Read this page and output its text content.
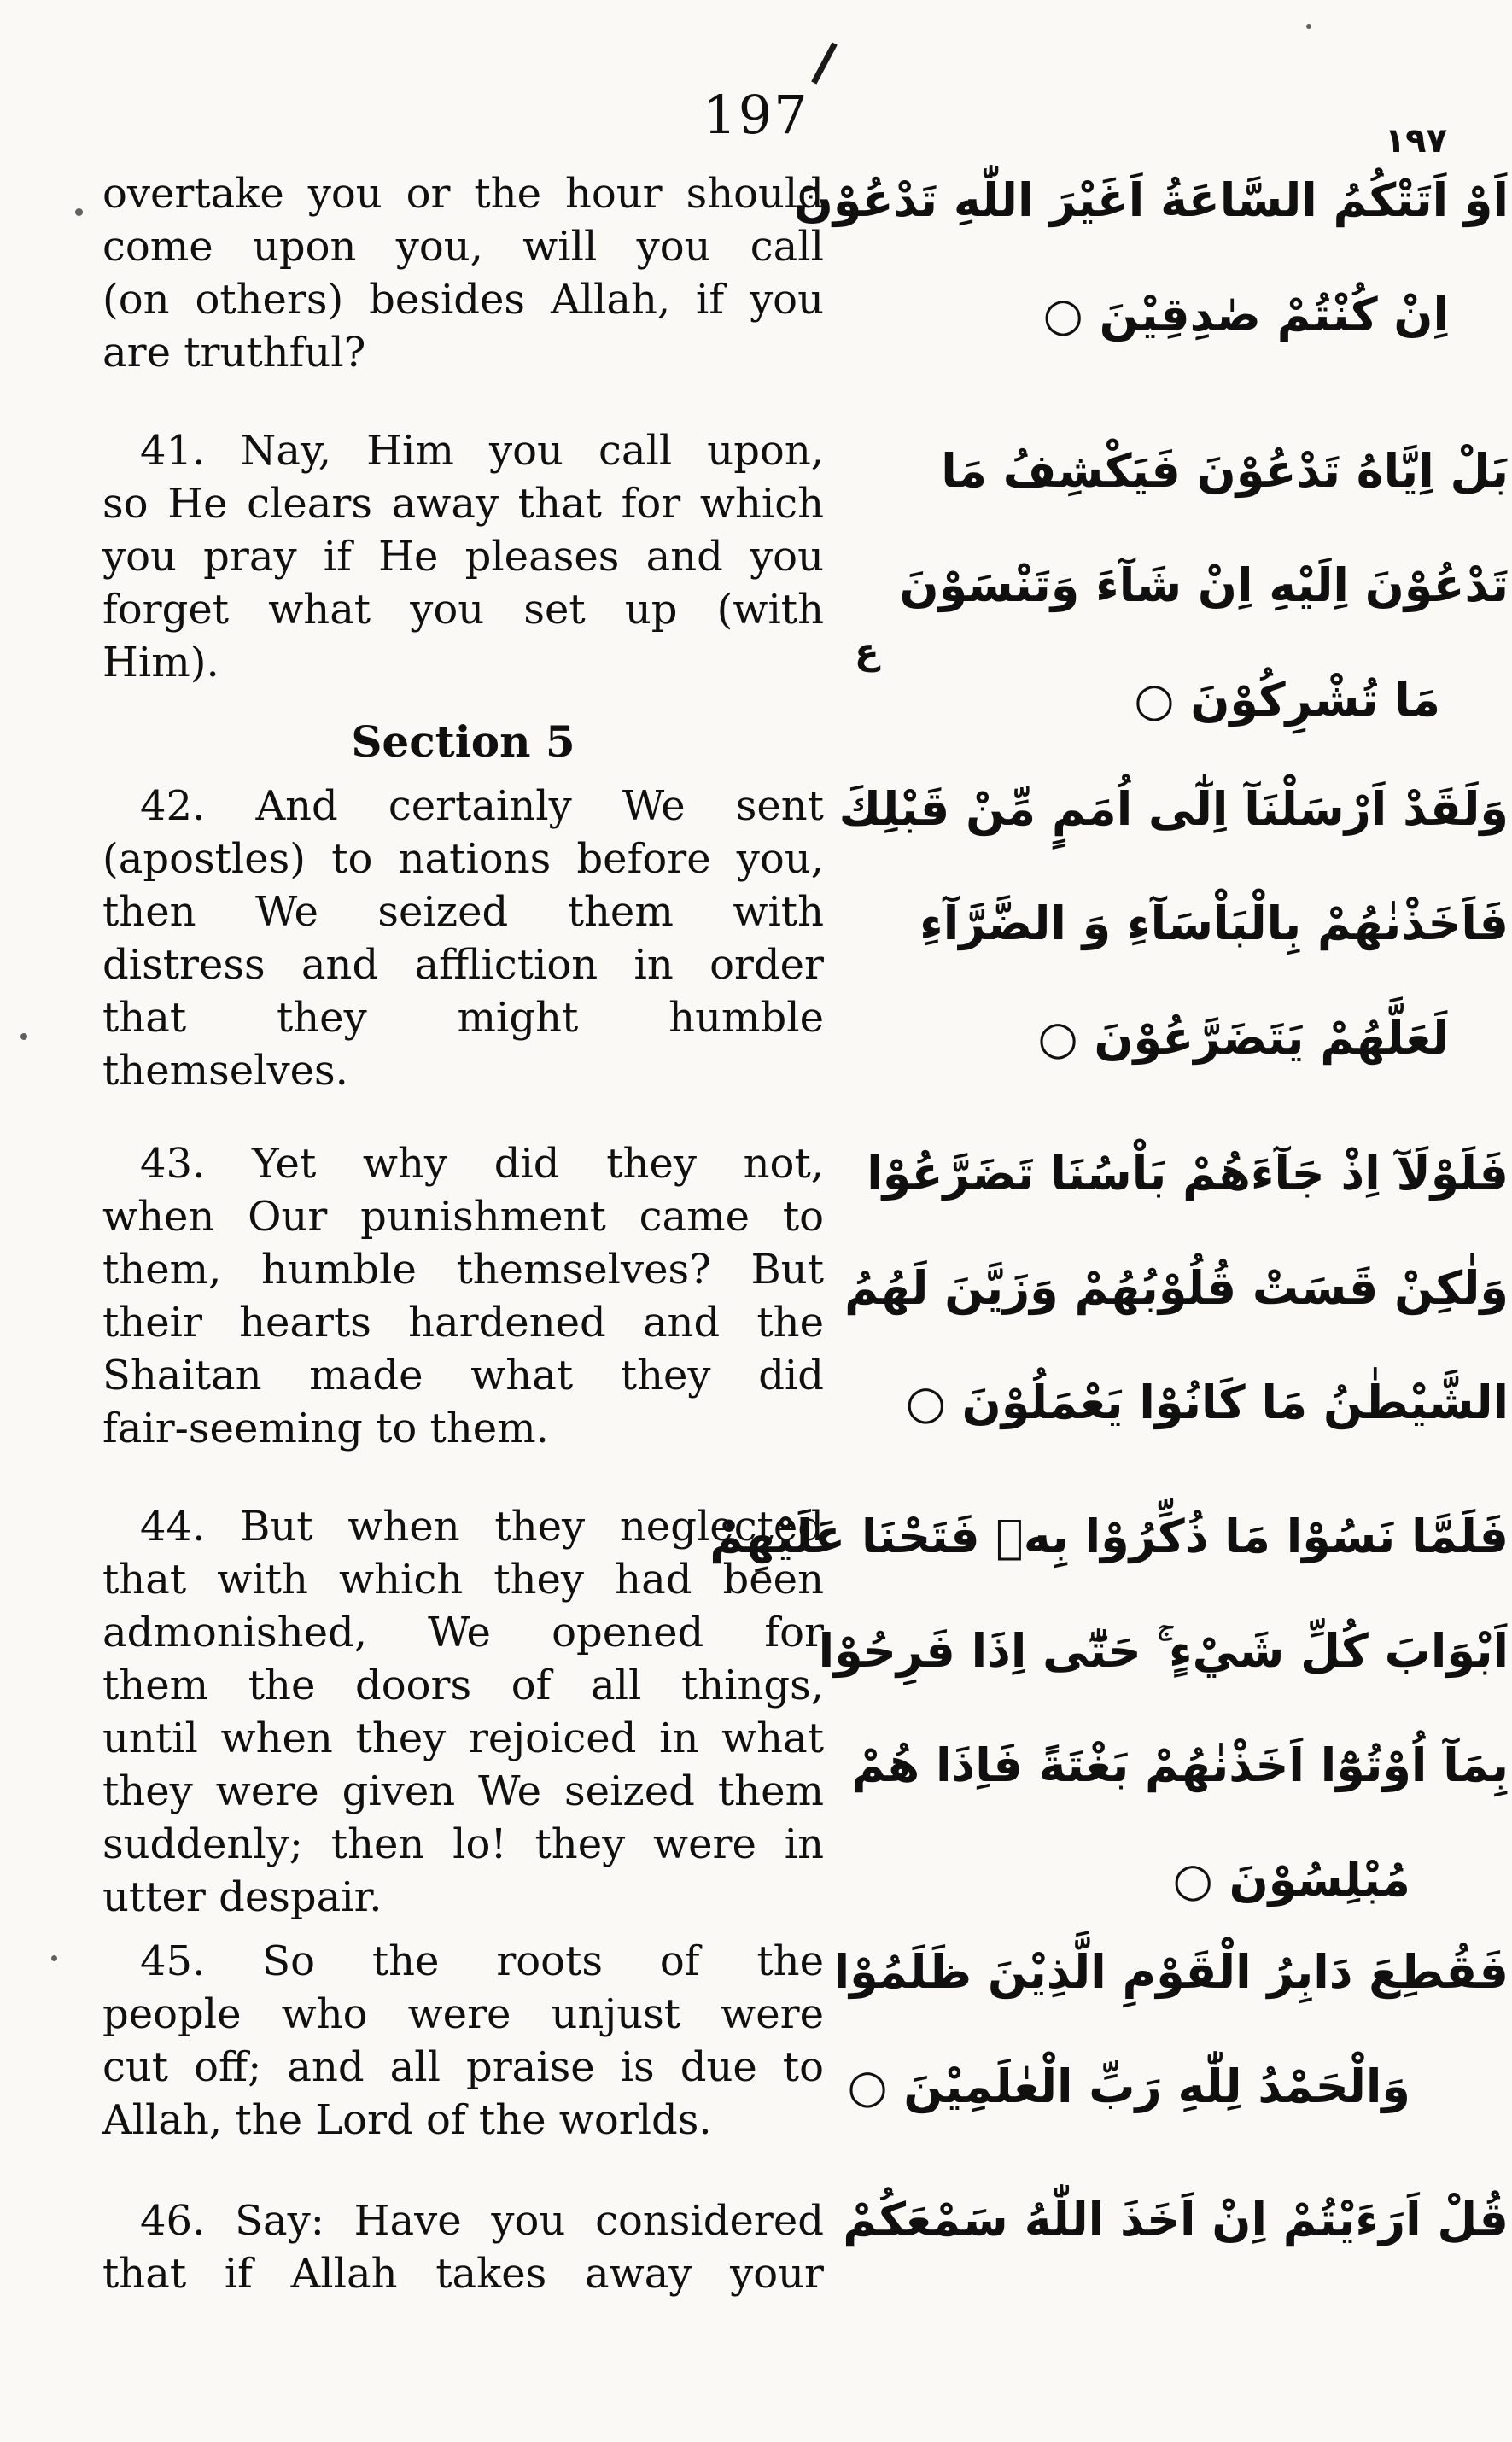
197	١٩٧
overtake you or the hour should
come upon you, will you call
(on others) besides Allah, if you
are truthful?
41. Nay, Him you call upon,
so He clears away that for which
you pray if He pleases and you
forget what you set up (with
Him).
Section 5
42. And certainly We sent
(apostles) to nations before you,
then We seized them with
distress and affliction in order
that they might humble
themselves.
43. Yet why did they not,
when Our punishment came to
them, humble themselves? But
their hearts hardened and the
Shaitan made what they did
fair-seeming to them.
44. But when they neglected
that with which they had been
admonished, We opened for
them the doors of all things,
until when they rejoiced in what
they were given We seized them
suddenly; then lo! they were in
utter despair.
45. So the roots of the
people who were unjust were
cut off; and all praise is due to
Allah, the Lord of the worlds.
46. Say: Have you considered
that if Allah takes away your
اَوْ اَتَتْكُمُ السَّاعَةُ اَغَيْرَ اللّٰهِ تَدْعُوْنَ
اِنْ كُنْتُمْ صٰدِقِيْنَ ○
بَلْ اِيَّاهُ تَدْعُوْنَ فَيَكْشِفُ مَا
تَدْعُوْنَ اِلَيْهِ اِنْ شَآءَ وَتَنْسَوْنَ
ع
مَا تُشْرِكُوْنَ ○
وَلَقَدْ اَرْسَلْنَآ اِلٰٓى اُمَمٍ مِّنْ قَبْلِكَ
فَاَخَذْنٰهُمْ بِالْبَاْسَآءِ وَ الضَّرَّآءِ
لَعَلَّهُمْ يَتَضَرَّعُوْنَ ○
فَلَوْلَآ اِذْ جَآءَهُمْ بَاْسُنَا تَضَرَّعُوْا
وَلٰكِنْ قَسَتْ قُلُوْبُهُمْ وَزَيَّنَ لَهُمُ
الشَّيْطٰنُ مَا كَانُوْا يَعْمَلُوْنَ ○
فَلَمَّا نَسُوْا مَا ذُكِّرُوْا بِهٖ فَتَحْنَا عَلَيْهِمْ
اَبْوَابَ كُلِّ شَيْءٍ ۚ حَتّٰٓى اِذَا فَرِحُوْا
بِمَآ اُوْتُوْٓا اَخَذْنٰهُمْ بَغْتَةً فَاِذَا هُمْ
مُبْلِسُوْنَ ○
فَقُطِعَ دَابِرُ الْقَوْمِ الَّذِيْنَ ظَلَمُوْا
وَالْحَمْدُ لِلّٰهِ رَبِّ الْعٰلَمِيْنَ ○
قُلْ اَرَءَيْتُمْ اِنْ اَخَذَ اللّٰهُ سَمْعَكُمْ
